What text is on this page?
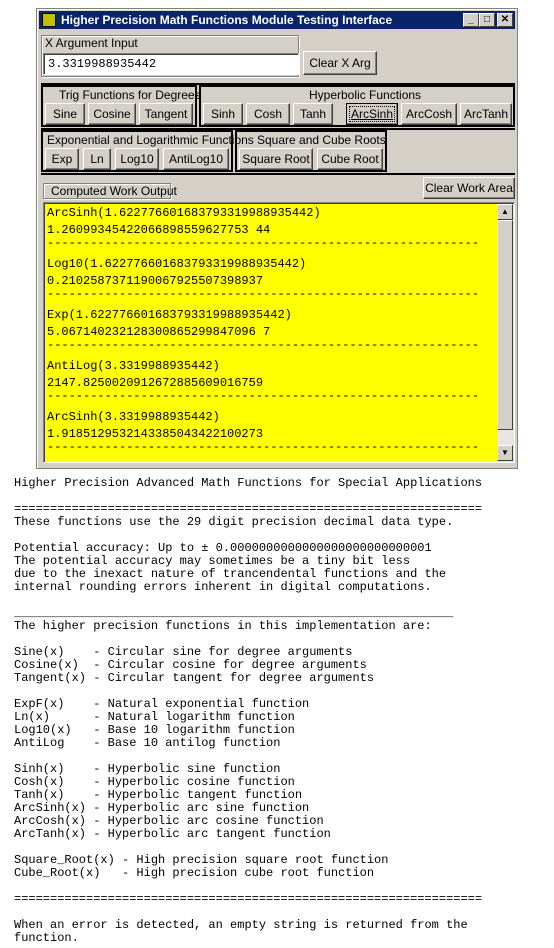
Higher Precision Math Functions Module Testing Interface	_	□	✕
X Argument Input
3.3319988935442	Clear X Arg
Trig Functions for Degrees
Sine	Cosine	Tangent
Hyperbolic Functions
Sinh	Cosh	Tanh	ArcSinh	ArcCosh ArcTanh
Exponential and Logarithmic Functions
Exp	Ln	Log10	AntiLog10
Square and Cube Roots
Square Root Cube Root
Computed Work Output	Clear Work Area
ArcSinh(1.62277660168379331998893544​2)
1.26099345422066898559627753 44
------------------------------------------------------------
Log10(1.622776601683793319988935442)
0.2102587371190067925507398937
------------------------------------------------------------
Exp(1.622776601683793319988935442)
5.067140232128300865299847096 7
------------------------------------------------------------
AntiLog(3.3319988935442)
2147.8250020912672885609016759
------------------------------------------------------------
ArcSinh(3.3319988935442)
1.9185129532143385043422100273
------------------------------------------------------------
▲
▼
Higher Precision Advanced Math Functions for Special Applications
=================================================================
These functions use the 29 digit precision decimal data type.
Potential accuracy: Up to ± 0.0000000000000000000000000001
The potential accuracy may sometimes be a tiny bit less
due to the inexact nature of trancendental functions and the
internal rounding errors inherent in digital computations.
_____________________________________________________________
The higher precision functions in this implementation are:
Sine(x)    - Circular sine for degree arguments
Cosine(x)  - Circular cosine for degree arguments
Tangent(x) - Circular tangent for degree arguments
ExpF(x)    - Natural exponential function
Ln(x)      - Natural logarithm function
Log10(x)   - Base 10 logarithm function
AntiLog    - Base 10 antilog function
Sinh(x)    - Hyperbolic sine function
Cosh(x)    - Hyperbolic cosine function
Tanh(x)    - Hyperbolic tangent function
ArcSinh(x) - Hyperbolic arc sine function
ArcCosh(x) - Hyperbolic arc cosine function
ArcTanh(x) - Hyperbolic arc tangent function
Square_Root(x) - High precision square root function
Cube_Root(x)   - High precision cube root function
=================================================================
When an error is detected, an empty string is returned from the
function.
